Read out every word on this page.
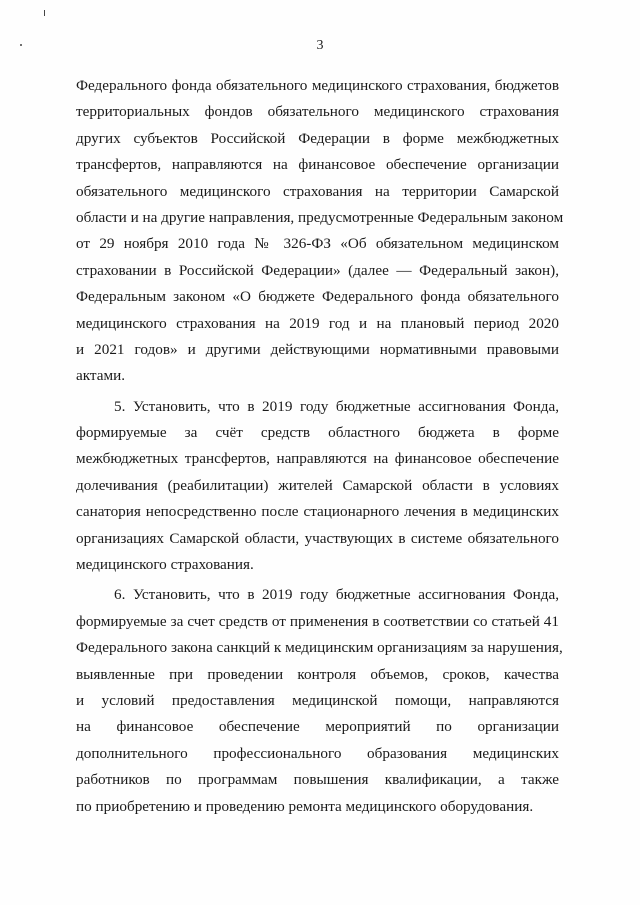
3
Федерального фонда обязательного медицинского страхования, бюджетов
территориальных фондов обязательного медицинского страхования
других субъектов Российской Федерации в форме межбюджетных
трансфертов, направляются на финансовое обеспечение организации
обязательного медицинского страхования на территории Самарской
области и на другие направления, предусмотренные Федеральным законом
от 29 ноября 2010 года № 326-ФЗ «Об обязательном медицинском
страховании в Российской Федерации» (далее — Федеральный закон),
Федеральным законом «О бюджете Федерального фонда обязательного
медицинского страхования на 2019 год и на плановый период 2020
и 2021 годов» и другими действующими нормативными правовыми
актами.
5. Установить, что в 2019 году бюджетные ассигнования Фонда,
формируемые за счёт средств областного бюджета в форме
межбюджетных трансфертов, направляются на финансовое обеспечение
долечивания (реабилитации) жителей Самарской области в условиях
санатория непосредственно после стационарного лечения в медицинских
организациях Самарской области, участвующих в системе обязательного
медицинского страхования.
6. Установить, что в 2019 году бюджетные ассигнования Фонда,
формируемые за счет средств от применения в соответствии со статьей 41
Федерального закона санкций к медицинским организациям за нарушения,
выявленные при проведении контроля объемов, сроков, качества
и условий предоставления медицинской помощи, направляются
на финансовое обеспечение мероприятий по организации
дополнительного профессионального образования медицинских
работников по программам повышения квалификации, а также
по приобретению и проведению ремонта медицинского оборудования.
